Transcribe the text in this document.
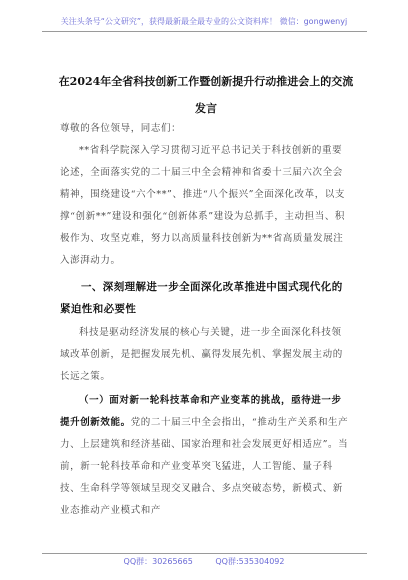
关注头条号“公文研究”，获得最新最全最专业的公文资料库！ 微信：gongwenyj
在2024年全省科技创新工作暨创新提升行动推进会上的交流发言
尊敬的各位领导，同志们：
**省科学院深入学习贯彻习近平总书记关于科技创新的重要论述，全面落实党的二十届三中全会精神和省委十三届六次全会精神，围绕建设“六个**”、推进“八个振兴”全面深化改革，以支撑“创新**”建设和强化“创新体系”建设为总抓手，主动担当、积极作为、攻坚克难，努力以高质量科技创新为**省高质量发展注入澎湃动力。
一、深刻理解进一步全面深化改革推进中国式现代化的紧迫性和必要性
科技是驱动经济发展的核心与关键，进一步全面深化科技领域改革创新，是把握发展先机、赢得发展先机、掌握发展主动的长远之策。
（一）面对新一轮科技革命和产业变革的挑战，亟待进一步提升创新效能。党的二十届三中全会指出，“推动生产关系和生产力、上层建筑和经济基础、国家治理和社会发展更好相适应”。当前，新一轮科技革命和产业变革突飞猛进，人工智能、量子科技、生命科学等领域呈现交叉融合、多点突破态势，新模式、新业态推动产业模式和产
QQ群：30265665	QQ群:535304092
